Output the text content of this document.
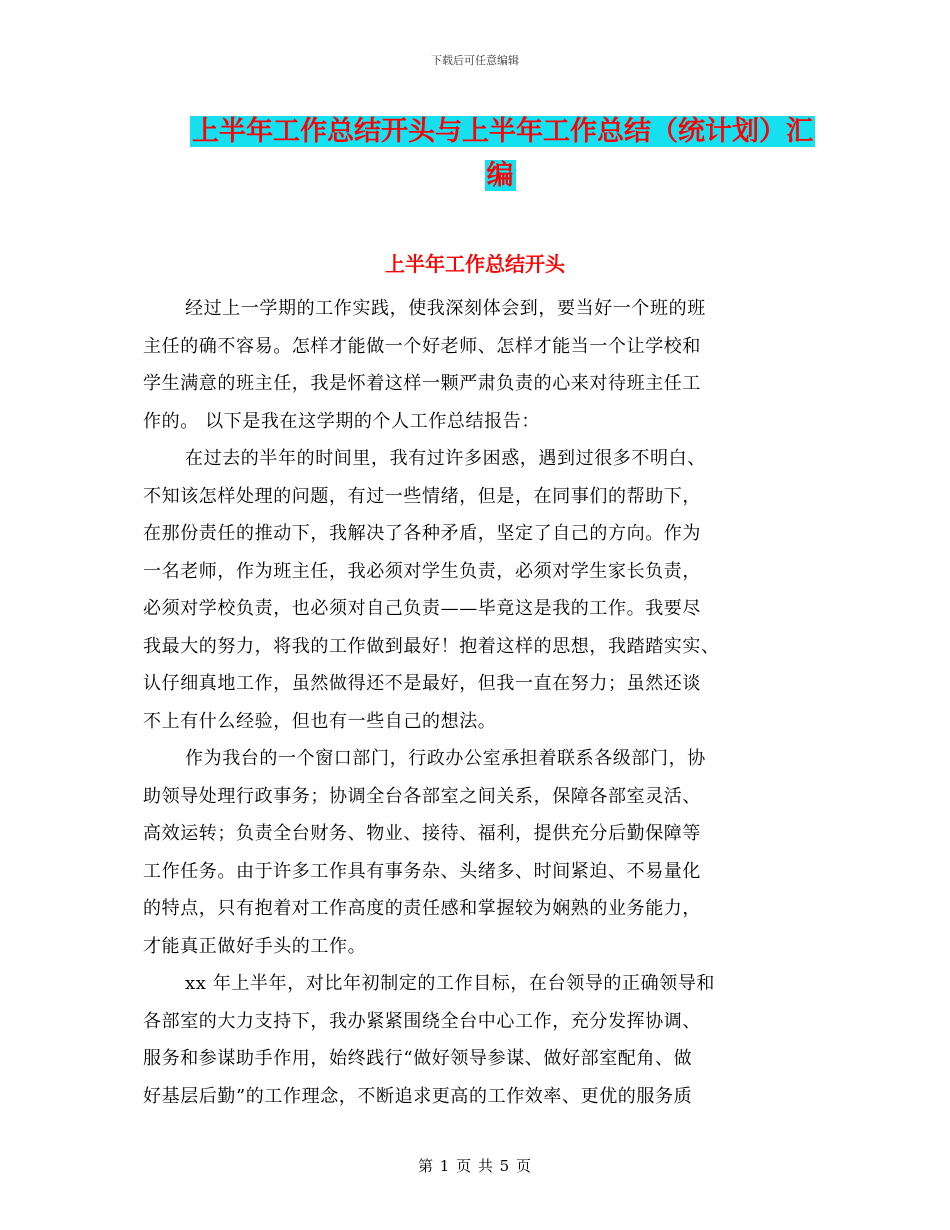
下载后可任意编辑
上半年工作总结开头与上半年工作总结（统计划）汇
编
上半年工作总结开头
经过上一学期的工作实践，使我深刻体会到，要当好一个班的班
主任的确不容易。怎样才能做一个好老师、怎样才能当一个让学校和
学生满意的班主任，我是怀着这样一颗严肃负责的心来对待班主任工
作的。 以下是我在这学期的个人工作总结报告：
在过去的半年的时间里，我有过许多困惑，遇到过很多不明白、
不知该怎样处理的问题，有过一些情绪，但是，在同事们的帮助下，
在那份责任的推动下，我解决了各种矛盾，坚定了自己的方向。作为
一名老师，作为班主任，我必须对学生负责，必须对学生家长负责，
必须对学校负责，也必须对自己负责——毕竟这是我的工作。我要尽
我最大的努力，将我的工作做到最好！抱着这样的思想，我踏踏实实、
认仔细真地工作，虽然做得还不是最好，但我一直在努力；虽然还谈
不上有什么经验，但也有一些自己的想法。
作为我台的一个窗口部门，行政办公室承担着联系各级部门，协
助领导处理行政事务；协调全台各部室之间关系，保障各部室灵活、
高效运转；负责全台财务、物业、接待、福利，提供充分后勤保障等
工作任务。由于许多工作具有事务杂、头绪多、时间紧迫、不易量化
的特点，只有抱着对工作高度的责任感和掌握较为娴熟的业务能力，
才能真正做好手头的工作。
xx 年上半年，对比年初制定的工作目标，在台领导的正确领导和
各部室的大力支持下，我办紧紧围绕全台中心工作，充分发挥协调、
服务和参谋助手作用，始终践行“做好领导参谋、做好部室配角、做
好基层后勤”的工作理念，不断追求更高的工作效率、更优的服务质
第 1 页 共 5 页
